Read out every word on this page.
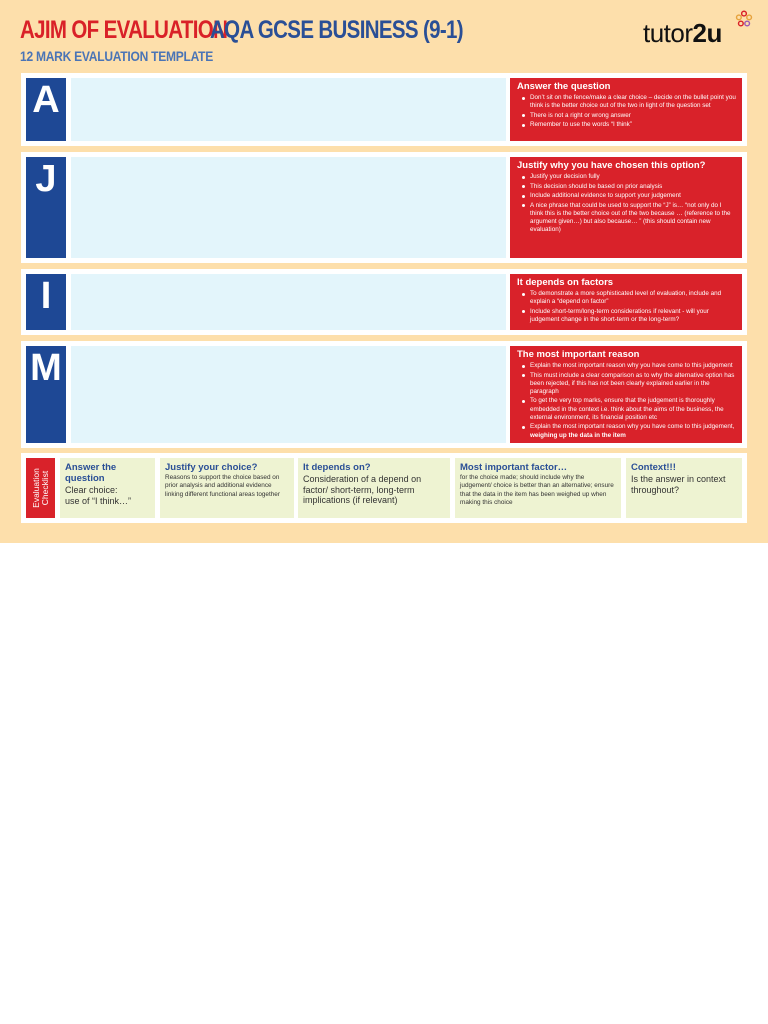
AJIM OF EVALUATION
AQA GCSE BUSINESS (9-1)
12 MARK EVALUATION TEMPLATE
tutor2u
A	Answer the question
Don’t sit on the fence/make a clear choice – decide on the bullet point you think is the better choice out of the two in light of the question set
There is not a right or wrong answer
Remember to use the words “I think”
J	Justify why you have chosen this option?
Justify your decision fully
This decision should be based on prior analysis
Include additional evidence to support your judgement
A nice phrase that could be used to support the “J” is… “not only do I think this is the better choice out of the two because … (reference to the argument given…) but also because… ” (this should contain new evaluation)
I	It depends on factors
To demonstrate a more sophisticated level of evaluation, include and explain a “depend on factor”
Include short-term/long-term considerations if relevant - will your judgement change in the short-term or the long-term?
M	The most important reason
Explain the most important reason why you have come to this judgement
This must include a clear comparison as to why the alternative option has been rejected, if this has not been clearly explained earlier in the paragraph
To get the very top marks, ensure that the judgement is thoroughly embedded in the context i.e. think about the aims of the business, the external environment, its financial position etc
Explain the most important reason why you have come to this judgement, weighing up the data in the item
Evaluation Checklist
Answer the question
Clear choice:
use of “I think…”
Justify your choice?
Reasons to support the choice based on prior analysis and additional evidence linking different functional areas together
It depends on?
Consideration of a depend on factor/ short-term, long-term implications (if relevant)
Most important factor…
for the choice made; should include why the judgement/ choice is better than an alternative; ensure that the data in the item has been weighed up when making this choice
Context!!!
Is the answer in context throughout?
